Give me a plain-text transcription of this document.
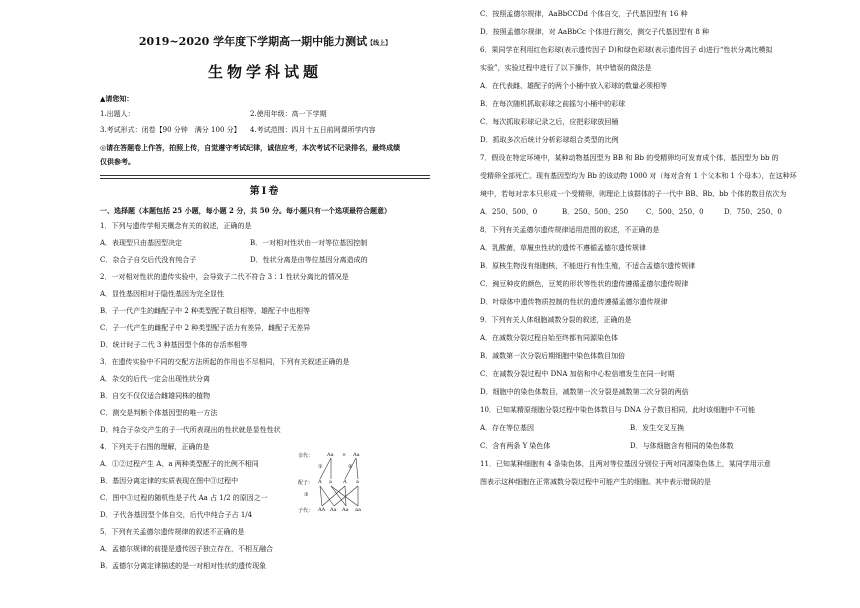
2019~2020 学年度下学期高一期中能力测试【线上】
生物学科试题
▲请您知：
1.出题人：	2.使用年级：高一下学期
3.考试形式：闭卷【90 分钟　满分 100 分】 4.考试范围：四月十五日前网课所学内容
◎请在答题卷上作答，拍照上传，自觉遵守考试纪律，诚信应考，本次考试不记录排名，最终成绩
仅供参考。
第Ⅰ卷
一、选择题（本题包括 25 小题，每小题 2 分，共 50 分。每小题只有一个选项最符合题意）
1．下列与遗传学相关概念有关的叙述，正确的是
A．表现型只由基因型决定	B．一对相对性状由一对等位基因控制
C．杂合子自交后代没有纯合子	D．性状分离是由等位基因分离造成的
2．一对相对性状的遗传实验中，会导致子二代不符合 3∶1 性状分离比的情况是
A．显性基因相对于隐性基因为完全显性
B．子一代产生的雌配子中 2 种类型配子数目相等，雄配子中也相等
C．子一代产生的雌配子中 2 种类型配子活力有差异，雌配子无差异
D．统计时子二代 3 种基因型个体的存活率相等
3．在遗传实验中不同的交配方法所起的作用也不尽相同，下列有关叙述正确的是
A．杂交的后代一定会出现性状分离
B．自交不仅仅适合雌雄同株的植物
C．测交是判断个体基因型的唯一方法
D．纯合子杂交产生的子一代所表现出的性状就是显性性状
4．下列关于右图的理解，正确的是
A．①②过程产生 A、a 两种类型配子的比例不相同
B．基因分离定律的实质表现在图中③过程中
C．图中③过程的随机性是子代 Aa 占 1/2 的原因之一
D．子代各基因型个体自交，后代中纯合子占 1/4
亲代：	Aa × Aa
①	②
配子： A a A a
③
子代： AA Aa Aa aa
5．下列有关孟德尔遗传规律的叙述不正确的是
A．孟德尔规律的前提是遗传因子独立存在，不相互融合
B．孟德尔分离定律描述的是一对相对性状的遗传现象
C．按照孟德尔规律，AaBbCCDd 个体自交，子代基因型有 16 种
D．按照孟德尔规律，对 AaBbCc 个体进行测交，测交子代基因型有 8 种
6．果同学在利用红色彩球(表示遗传因子 D)和绿色彩球(表示遗传因子 d)进行“性状分离比模拟
实验”，实验过程中进行了以下操作，其中错误的做法是
A．在代表雌、雄配子的两个小桶中放入彩球的数量必须相等
B．在每次随机抓取彩球之前摇匀小桶中的彩球
C．每次抓取彩球记录之后，应把彩球放回桶
D．抓取多次后统计分析彩球组合类型的比例
7．假设在特定环境中，某种动物基因型为 BB 和 Bb 的受精卵均可发育成个体，基因型为 bb 的
受精卵全部死亡。现有基因型均为 Bb 的该动物 1000 对（每对含有 1 个父本和 1 个母本），在这种环
境中，若每对亲本只形成一个受精卵，则理论上该群体的子一代中 BB、Bb、bb 个体的数目依次为
A．250、500、0	B．250、500、250	C．500、250、0	D．750、250、0
8．下列有关孟德尔遗传规律适用范围的叙述，不正确的是
A．乳酸菌，草履虫性状的遗传不遵循孟德尔遗传规律
B．原核生物没有细胞核，不能进行有性生殖，不适合孟德尔遗传规律
C．豌豆种皮的颜色，豆荚的形状等性状的遗传遵循孟德尔遗传规律
D．叶绿体中遗传物质控制的性状的遗传遵循孟德尔遗传规律
9．下列有关人体细胞减数分裂的叙述，正确的是
A．在减数分裂过程自始至终都有同源染色体
B．减数第一次分裂后期细胞中染色体数目加倍
C．在减数分裂过程中 DNA 加倍和中心粒倍增发生在同一时期
D．细胞中的染色体数目，减数第一次分裂是减数第二次分裂的两倍
10．已知某精原细胞分裂过程中染色体数目与 DNA 分子数目相同，此时该细胞中不可能
A．存在等位基因	B．发生交叉互换
C．含有两条 Y 染色体	D．与体细胞含有相同的染色体数
11．已知某种细胞有 4 条染色体，且两对等位基因分别位于两对同源染色体上，某同学用示意
图表示这种细胞在正常减数分裂过程中可能产生的细胞。其中表示错误的是
